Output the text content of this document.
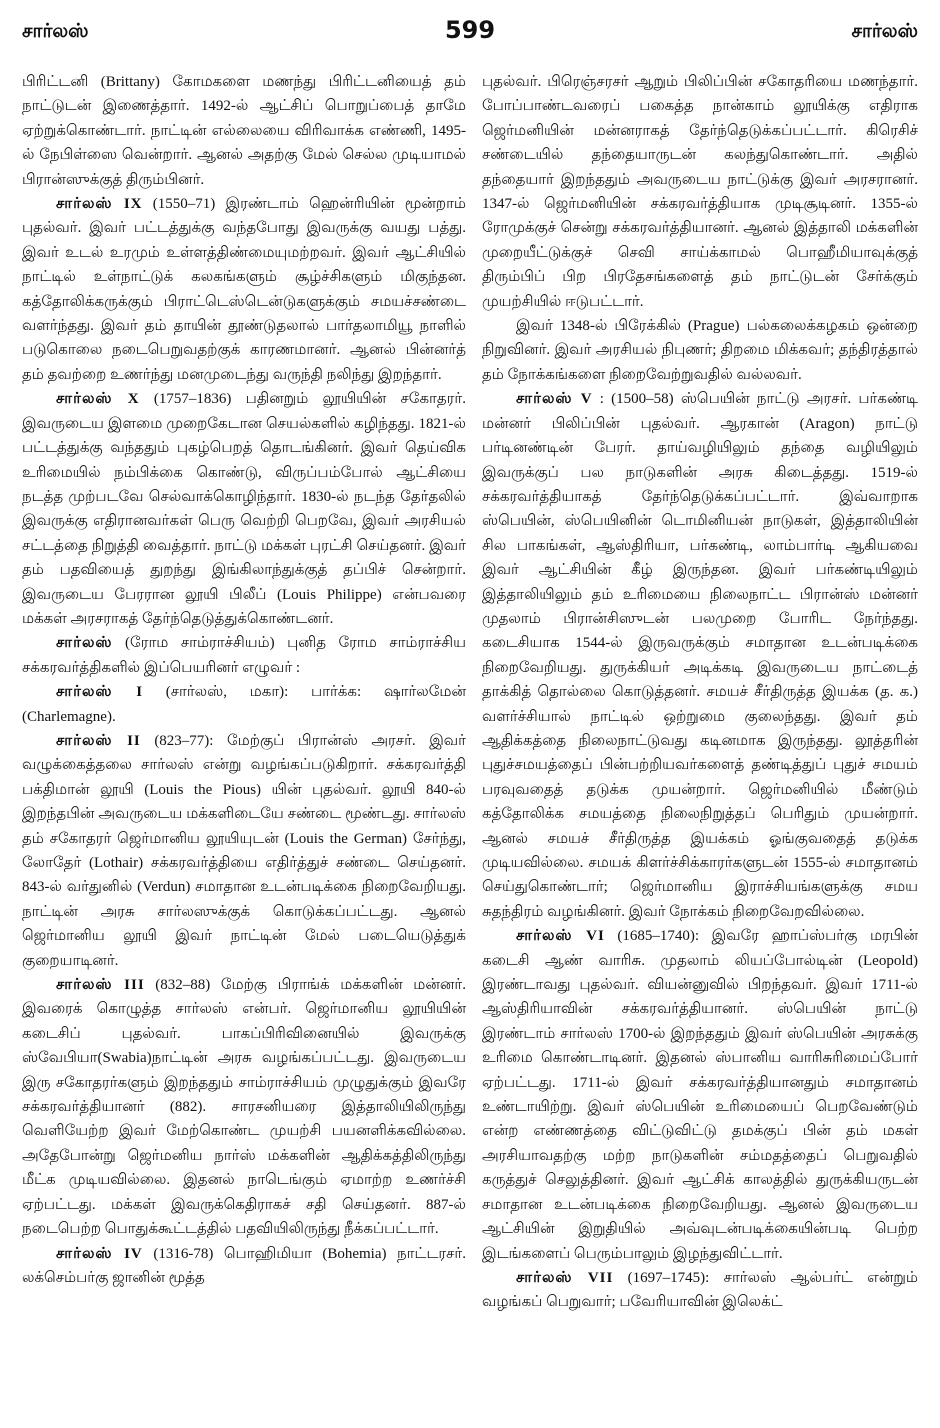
சார்லஸ்	599	சார்லஸ்

பிரிட்டனி (Brittany) கோமகளை மணந்து பிரிட்டனியைத் தம் நாட்டுடன் இணைத்தார். 1492-ல் ஆட்சிப் பொறுப்பைத் தாமே ஏற்றுக்கொண்டார். நாட்டின் எல்லையை விரிவாக்க எண்ணி, 1495-ல் நேபிள்ஸை வென்றார். ஆனல் அதற்கு மேல் செல்ல முடியாமல் பிரான்ஸுக்குத் திரும்பினர்.

சார்லஸ் IX (1550–71) இரண்டாம் ஹென்ரியின் மூன்றாம் புதல்வர். இவர் பட்டத்துக்கு வந்தபோது இவருக்கு வயது பத்து. இவர் உடல் உரமும் உள்ளத்திண்மையுமற்றவர். இவர் ஆட்சியில் நாட்டில் உள்நாட்டுக் கலகங்களும் சூழ்ச்சிகளும் மிகுந்தன. கத்தோலிக்கருக்கும் பிராட்டெஸ்டென்டுகளுக்கும் சமயச்சண்டை வளர்ந்தது. இவர் தம் தாயின் தூண்டுதலால் பார்தலாமியூ நாளில் படுகொலை நடைபெறுவதற்குக் காரணமானர். ஆனல் பின்னர்த் தம் தவற்றை உணர்ந்து மனமுடைந்து வருந்தி நலிந்து இறந்தார்.

சார்லஸ் X (1757–1836) பதினறும் லூயியின் சகோதரர். இவருடைய இளமை முறைகேடான செயல்களில் கழிந்தது. 1821-ல் பட்டத்துக்கு வந்ததும் புகழ்பெறத் தொடங்கினர். இவர் தெய்விக உரிமையில் நம்பிக்கை கொண்டு, விருப்பம்போல் ஆட்சியை நடத்த முற்படவே செல்வாக்கொழிந்தார். 1830-ல் நடந்த தேர்தலில் இவருக்கு எதிரானவர்கள் பெரு வெற்றி பெறவே, இவர் அரசியல் சட்டத்தை நிறுத்தி வைத்தார். நாட்டு மக்கள் புரட்சி செய்தனர். இவர் தம் பதவியைத் துறந்து இங்கிலாந்துக்குத் தப்பிச் சென்றார். இவருடைய பேரரான லூயி பிலீப் (Louis Philippe) என்பவரை மக்கள் அரசராகத் தேர்ந்தெடுத்துக்கொண்டனர்.

சார்லஸ் (ரோம சாம்ராச்சியம்) புனித ரோம சாம்ராச்சிய சக்கரவர்த்திகளில் இப்பெயரினர் எழுவர் :

சார்லஸ் I (சார்லஸ், மகா): பார்க்க: ஷார்லமேன் (Charlemagne).

சார்லஸ் II (823–77): மேற்குப் பிரான்ஸ் அரசர். இவர் வழுக்கைத்தலை சார்லஸ் என்று வழங்கப்படுகிறார். சக்கரவர்த்தி பக்திமான் லூயி (Louis the Pious) யின் புதல்வர். லூயி 840-ல் இறந்தபின் அவருடைய மக்களிடையே சண்டை மூண்டது. சார்லஸ் தம் சகோதரர் ஜெர்மானிய லூயியுடன் (Louis the German) சேர்ந்து, லோதேர் (Lothair) சக்கரவர்த்தியை எதிர்த்துச் சண்டை செய்தனர். 843-ல் வர்துனில் (Verdun) சமாதான உடன்படிக்கை நிறைவேறியது. நாட்டின் அரசு சார்லஸுக்குக் கொடுக்கப்பட்டது. ஆனல் ஜெர்மானிய லூயி இவர் நாட்டின் மேல் படையெடுத்துக் குறையாடினர்.

சார்லஸ் III (832–88) மேற்கு பிராங்க் மக்களின் மன்னர். இவரைக் கொழுத்த சார்லஸ் என்பர். ஜெர்மானிய லூயியின் கடைசிப் புதல்வர். பாகப்பிரிவினையில் இவருக்கு ஸ்வேபியா(Swabia)நாட்டின் அரசு வழங்கப்பட்டது. இவருடைய இரு சகோதரர்களும் இறந்ததும் சாம்ராச்சியம் முழுதுக்கும் இவரே சக்கரவர்த்தியானர் (882). சாரசனியரை இத்தாலியிலிருந்து வெளியேற்ற இவர் மேற்கொண்ட முயற்சி பயனளிக்கவில்லை. அதேபோன்று ஜெர்மனிய நார்ஸ் மக்களின் ஆதிக்கத்திலிருந்து மீட்க முடியவில்லை. இதனல் நாடெங்கும் ஏமாற்ற உணர்ச்சி ஏற்பட்டது. மக்கள் இவருக்கெதிராகச் சதி செய்தனர். 887-ல் நடைபெற்ற பொதுக்கூட்டத்தில் பதவியிலிருந்து நீக்கப்பட்டார்.

சார்லஸ் IV (1316-78) பொஹிமியா (Bohemia) நாட்டரசர். லக்செம்பர்கு ஜானின் மூத்த

புதல்வர். பிரெஞ்சரசர் ஆறும் பிலிப்பின் சகோதரியை மணந்தார். போப்பாண்டவரைப் பகைத்த நான்காம் லூயிக்கு எதிராக ஜெர்மனியின் மன்னராகத் தேர்ந்தெடுக்கப்பட்டார். கிரெசிச் சண்டையில் தந்தையாருடன் கலந்துகொண்டார். அதில் தந்தையார் இறந்ததும் அவருடைய நாட்டுக்கு இவர் அரசரானர். 1347-ல் ஜெர்மனியின் சக்கரவர்த்தியாக முடிசூடினர். 1355-ல் ரோமுக்குச் சென்று சக்கரவர்த்தியானர். ஆனல் இத்தாலி மக்களின் முறையீட்டுக்குச் செவி சாய்க்காமல் பொஹீமியாவுக்குத் திரும்பிப் பிற பிரதேசங்களைத் தம் நாட்டுடன் சேர்க்கும் முயற்சியில் ஈடுபட்டார்.

இவர் 1348-ல் பிரேக்கில் (Prague) பல்கலைக்கழகம் ஒன்றை நிறுவினர். இவர் அரசியல் நிபுணர்; திறமை மிக்கவர்; தந்திரத்தால் தம் நோக்கங்களை நிறைவேற்றுவதில் வல்லவர்.

சார்லஸ் V : (1500–58) ஸ்பெயின் நாட்டு அரசர். பர்கண்டி மன்னர் பிலிப்பின் புதல்வர். ஆரகான் (Aragon) நாட்டு பர்டினண்டின் பேரர். தாய்வழியிலும் தந்தை வழியிலும் இவருக்குப் பல நாடுகளின் அரசு கிடைத்தது. 1519-ல் சக்கரவர்த்தியாகத் தேர்ந்தெடுக்கப்பட்டார். இவ்வாறாக ஸ்பெயின், ஸ்பெயினின் டொமினியன் நாடுகள், இத்தாலியின் சில பாகங்கள், ஆஸ்திரியா, பர்கண்டி, லாம்பார்டி ஆகியவை இவர் ஆட்சியின் கீழ் இருந்தன. இவர் பர்கண்டியிலும் இத்தாலியிலும் தம் உரிமையை நிலைநாட்ட பிரான்ஸ் மன்னர் முதலாம் பிரான்சிஸுடன் பலமுறை போரிட நேர்ந்தது. கடைசியாக 1544-ல் இருவருக்கும் சமாதான உடன்படிக்கை நிறைவேறியது. துருக்கியர் அடிக்கடி இவருடைய நாட்டைத் தாக்கித் தொல்லை கொடுத்தனர். சமயச் சீர்திருத்த இயக்க (த. க.) வளர்ச்சியால் நாட்டில் ஒற்றுமை குலைந்தது. இவர் தம் ஆதிக்கத்தை நிலைநாட்டுவது கடினமாக இருந்தது. லூத்தரின் புதுச்சமயத்தைப் பின்பற்றியவர்களைத் தண்டித்துப் புதுச் சமயம் பரவுவதைத் தடுக்க முயன்றார். ஜெர்மனியில் மீண்டும் கத்தோலிக்க சமயத்தை நிலைநிறுத்தப் பெரிதும் முயன்றார். ஆனல் சமயச் சீர்திருத்த இயக்கம் ஓங்குவதைத் தடுக்க முடியவில்லை. சமயக் கிளர்ச்சிக்காரர்களுடன் 1555-ல் சமாதானம் செய்துகொண்டார்; ஜெர்மானிய இராச்சியங்களுக்கு சமய சுதந்திரம் வழங்கினர். இவர் நோக்கம் நிறைவேறவில்லை.

சார்லஸ் VI (1685–1740): இவரே ஹாப்ஸ்பர்கு மரபின் கடைசி ஆண் வாரிசு. முதலாம் லியப்போல்டின் (Leopold) இரண்டாவது புதல்வர். வியன்னுவில் பிறந்தவர். இவர் 1711-ல் ஆஸ்திரியாவின் சக்கரவர்த்தியானர். ஸ்பெயின் நாட்டு இரண்டாம் சார்லஸ் 1700-ல் இறந்ததும் இவர் ஸ்பெயின் அரசுக்கு உரிமை கொண்டாடினர். இதனல் ஸ்பானிய வாரிசுரிமைப்போர் ஏற்பட்டது. 1711-ல் இவர் சக்கரவர்த்தியானதும் சமாதானம் உண்டாயிற்று. இவர் ஸ்பெயின் உரிமையைப் பெறவேண்டும் என்ற எண்ணத்தை விட்டுவிட்டு தமக்குப் பின் தம் மகள் அரசியாவதற்கு மற்ற நாடுகளின் சம்மதத்தைப் பெறுவதில் கருத்துச் செலுத்தினர். இவர் ஆட்சிக் காலத்தில் துருக்கியருடன் சமாதான உடன்படிக்கை நிறைவேறியது. ஆனல் இவருடைய ஆட்சியின் இறுதியில் அவ்வுடன்படிக்கையின்படி பெற்ற இடங்களைப் பெரும்பாலும் இழந்துவிட்டார்.

சார்லஸ் VII (1697–1745): சார்லஸ் ஆல்பர்ட் என்றும் வழங்கப் பெறுவார்; பவேரியாவின் இலெக்ட்
